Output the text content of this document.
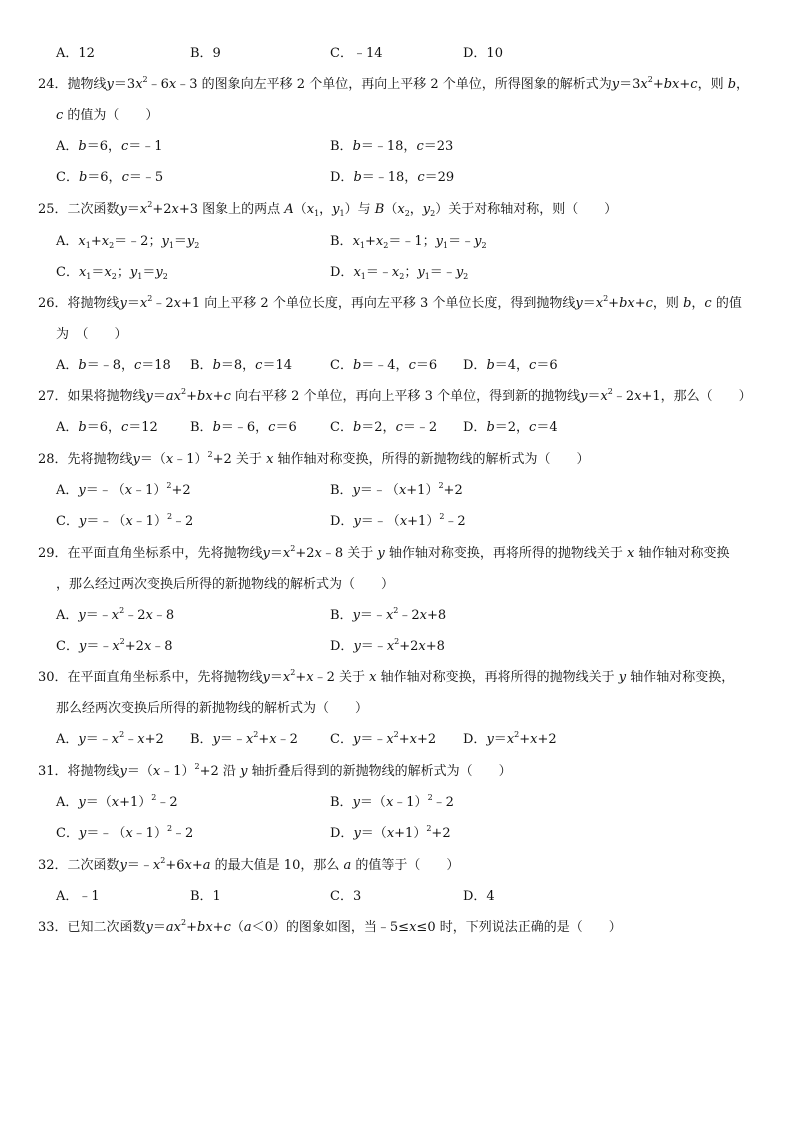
A．12	B．9	C．﹣14	D．10
24．抛物线$y=3x^2﹣6x﹣3$ 的图象向左平移 2 个单位，再向上平移 2 个单位，所得图象的解析式为$y=3x^2+bx+c$，则 b，
c 的值为（　　）
A．b＝6，c＝﹣1	B．b＝﹣18，c＝23
C．b＝6，c＝﹣5	D．b＝﹣18，c＝29
25．二次函数$y=x^2+2x+3$ 图象上的两点 $A(x_1$，$y_1$）与 $B(x_2$，$y_2$）关于对称轴对称，则（　　）
A．$x_1+x_2=﹣2$；$y_1=y_2$	B．$x_1+x_2=﹣1$；$y_1=﹣y_2$
C．$x_1=x_2$；$y_1=y_2$	D．$x_1=﹣x_2$；$y_1=﹣y_2$
26．将抛物线$y=x^2﹣2x+1$ 向上平移 2 个单位长度，再向左平移 3 个单位长度，得到抛物线$y=x^2+bx+c$，则 b，c 的值
为　（　　）
A．b＝﹣8，c＝18 B．b＝8，c＝14	C．b＝﹣4，c＝6 D．b＝4，c＝6
27．如果将抛物线$y=ax^2+bx+c$ 向右平移 2 个单位，再向上平移 3 个单位，得到新的抛物线$y=x^2﹣2x+1$，那么（　　）
A．b＝6，c＝12 B．b＝﹣6，c＝6	C．b＝2，c＝﹣2 D．b＝2，c＝4
28．先将抛物线y＝（x﹣1）$^2$+2 关于 x 轴作轴对称变换，所得的新抛物线的解析式为（　　）
A．y＝﹣（x﹣1）$^2$+2	B．$y=﹣(x+1)^2+2$
C．y＝﹣（x﹣1）$^2$﹣2	D．$y=﹣(x+1)^2﹣2$
29．在平面直角坐标系中，先将抛物线$y=x^2+2x﹣8$ 关于 y 轴作轴对称变换，再将所得的抛物线关于 x 轴作轴对称变换
，那么经过两次变换后所得的新抛物线的解析式为（　　）
A．$y=﹣x^2﹣2x﹣8$	B．$y=﹣x^2﹣2x+8$
C．$y=﹣x^2+2x﹣8$	D．$y=﹣x^2+2x+8$
30．在平面直角坐标系中，先将抛物线$y=x^2+x﹣2$ 关于 x 轴作轴对称变换，再将所得的抛物线关于 y 轴作轴对称变换，
那么经两次变换后所得的新抛物线的解析式为（　　）
A．$y=﹣x^2﹣x+2$ B．$y=﹣x^2+x﹣2$ C．$y=﹣x^2+x+2$ D．$y=x^2+x+2$
31．将抛物线y＝（x﹣1）$^2$+2 沿 y 轴折叠后得到的新抛物线的解析式为（　　）
A．$y=(x+1)^2﹣2$	B．y＝（x﹣1）$^2$﹣2
C．y＝﹣（x﹣1）$^2$﹣2	D．$y=(x+1)^2+2$
32．二次函数$y=﹣x^2+6x+a$ 的最大值是 10，那么 a 的值等于（　　）
A．﹣1	B．1	C．3	D．4
33．已知二次函数$y=ax^2+bx+c(a<0)$的图象如图，当﹣5≤x≤0 时，下列说法正确的是（　　）
